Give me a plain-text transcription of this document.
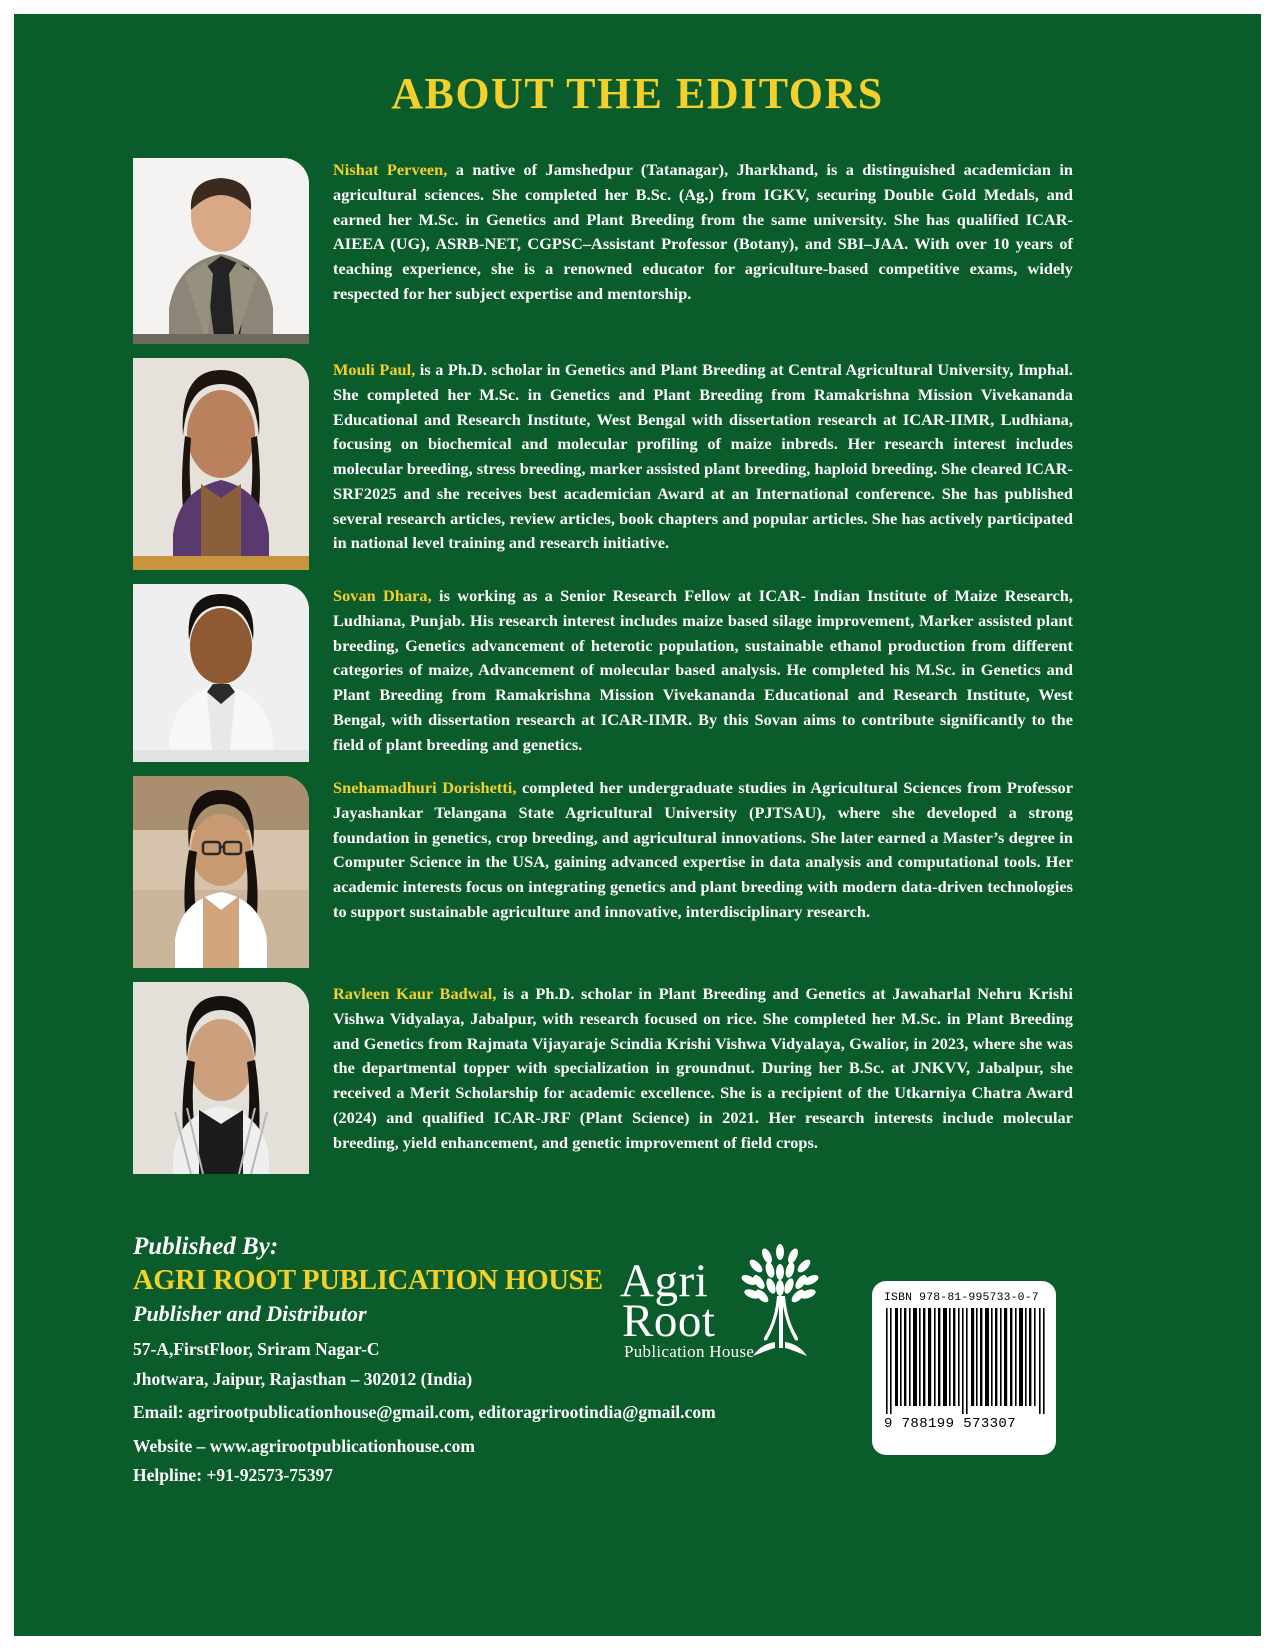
ABOUT THE EDITORS
Nishat Perveen, a native of Jamshedpur (Tatanagar), Jharkhand, is a distinguished academician in agricultural sciences. She completed her B.Sc. (Ag.) from IGKV, securing Double Gold Medals, and earned her M.Sc. in Genetics and Plant Breeding from the same university. She has qualified ICAR-AIEEA (UG), ASRB-NET, CGPSC–Assistant Professor (Botany), and SBI–JAA. With over 10 years of teaching experience, she is a renowned educator for agriculture-based competitive exams, widely respected for her subject expertise and mentorship.
Mouli Paul, is a Ph.D. scholar in Genetics and Plant Breeding at Central Agricultural University, Imphal. She completed her M.Sc. in Genetics and Plant Breeding from Ramakrishna Mission Vivekananda Educational and Research Institute, West Bengal with dissertation research at ICAR-IIMR, Ludhiana, focusing on biochemical and molecular profiling of maize inbreds. Her research interest includes molecular breeding, stress breeding, marker assisted plant breeding, haploid breeding. She cleared ICAR-SRF2025 and she receives best academician Award at an International conference. She has published several research articles, review articles, book chapters and popular articles. She has actively participated in national level training and research initiative.
Sovan Dhara, is working as a Senior Research Fellow at ICAR- Indian Institute of Maize Research, Ludhiana, Punjab. His research interest includes maize based silage improvement, Marker assisted plant breeding, Genetics advancement of heterotic population, sustainable ethanol production from different categories of maize, Advancement of molecular based analysis. He completed his M.Sc. in Genetics and Plant Breeding from Ramakrishna Mission Vivekananda Educational and Research Institute, West Bengal, with dissertation research at ICAR-IIMR. By this Sovan aims to contribute significantly to the field of plant breeding and genetics.
Snehamadhuri Dorishetti, completed her undergraduate studies in Agricultural Sciences from Professor Jayashankar Telangana State Agricultural University (PJTSAU), where she developed a strong foundation in genetics, crop breeding, and agricultural innovations. She later earned a Master’s degree in Computer Science in the USA, gaining advanced expertise in data analysis and computational tools. Her academic interests focus on integrating genetics and plant breeding with modern data-driven technologies to support sustainable agriculture and innovative, interdisciplinary research.
Ravleen Kaur Badwal, is a Ph.D. scholar in Plant Breeding and Genetics at Jawaharlal Nehru Krishi Vishwa Vidyalaya, Jabalpur, with research focused on rice. She completed her M.Sc. in Plant Breeding and Genetics from Rajmata Vijayaraje Scindia Krishi Vishwa Vidyalaya, Gwalior, in 2023, where she was the departmental topper with specialization in groundnut. During her B.Sc. at JNKVV, Jabalpur, she received a Merit Scholarship for academic excellence. She is a recipient of the Utkarniya Chatra Award (2024) and qualified ICAR-JRF (Plant Science) in 2021. Her research interests include molecular breeding, yield enhancement, and genetic improvement of field crops.
Published By:
AGRI ROOT PUBLICATION HOUSE
Publisher and Distributor
57-A,FirstFloor, Sriram Nagar-C
Jhotwara, Jaipur, Rajasthan – 302012 (India)
Email: agrirootpublicationhouse@gmail.com, editoragrirootindia@gmail.com
Website – www.agrirootpublicationhouse.com
Helpline: +91-92573-75397
Agri
Root
Publication House
ISBN 978-81-995733-0-7
9 788199 573307
